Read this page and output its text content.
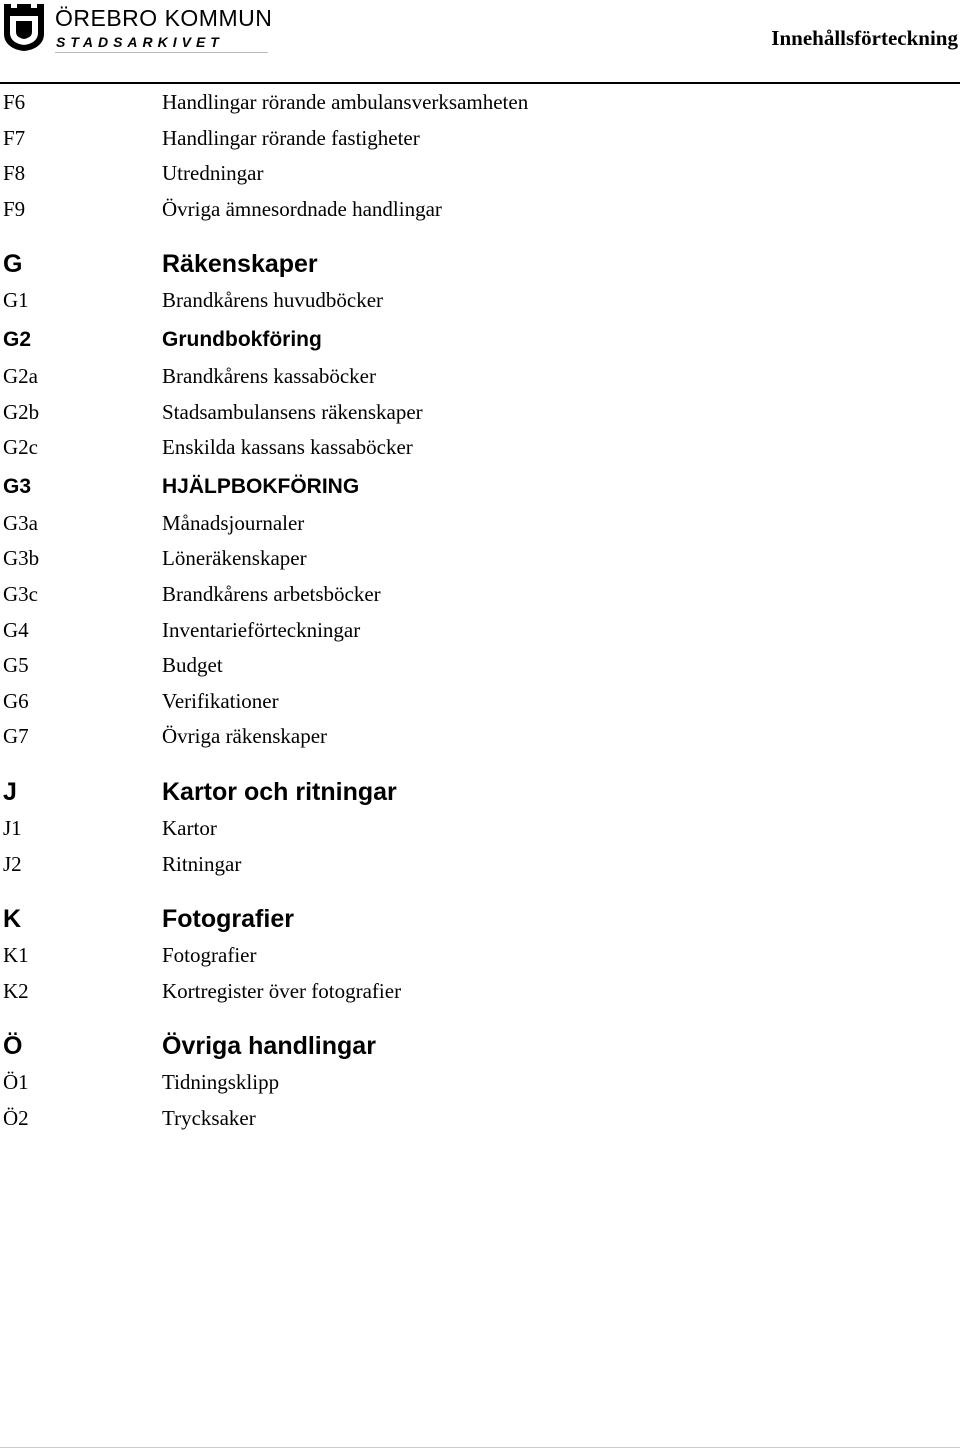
ÖREBRO KOMMUN
STADSARKIVET	Innehållsförteckning
F6	Handlingar rörande ambulansverksamheten
F7	Handlingar rörande fastigheter
F8	Utredningar
F9	Övriga ämnesordnade handlingar
G	Räkenskaper
G1	Brandkårens huvudböcker
G2	Grundbokföring
G2a	Brandkårens kassaböcker
G2b	Stadsambulansens räkenskaper
G2c	Enskilda kassans kassaböcker
G3	HJÄLPBOKFÖRING
G3a	Månadsjournaler
G3b	Löneräkenskaper
G3c	Brandkårens arbetsböcker
G4	Inventarieförteckningar
G5	Budget
G6	Verifikationer
G7	Övriga räkenskaper
J	Kartor och ritningar
J1	Kartor
J2	Ritningar
K	Fotografier
K1	Fotografier
K2	Kortregister över fotografier
Ö	Övriga handlingar
Ö1	Tidningsklipp
Ö2	Trycksaker
